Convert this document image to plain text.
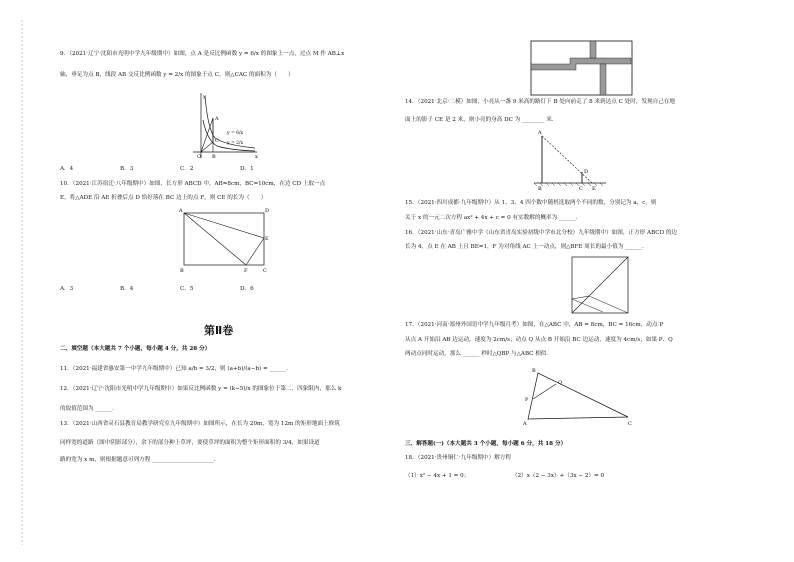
9．（2021·辽宁·沈阳市光明中学九年级期中）如图，点 A 是反比例函数 y = 6/x 的图象上一点，过点 M 作 AB⊥x
轴，垂足为点 B，线段 AB 交反比例函数 y = 2/x 的图象于点 C，则△CAC 的面积为（　　）
O B
C
A
y
x
y = 6/x
y = 2/x
A．4	B．3	C．2	D．1
10．（2021·江苏宿迁·八年级期中）如图，长方形 ABCD 中，AB=8cm，BC=10cm，在边 CD 上取一点
E，将△ADE 沿 AE 折叠后点 D 恰好落在 BC 边上的点 F，则 CE 的长为（　　）
A	D
E
B	F	C
A．3	B．4	C．5	D．6
第Ⅱ卷
二、填空题（本大题共 7 个小题，每小题 4 分，共 28 分）
11．（2021·福建省惠安第一中学九年级期中）已知 a/b = 3/2，则 (a+b)/(a−b) = ______．
12．（2021·辽宁·沈阳市光明中学九年级期中）如果反比例函数 y = (k−5)/x 的图象位于第二、四象限内，那么 k
的取值范围为 ______．
13．（2021·山西省灵石县教育局教学研究室九年级期中）如图所示，在长为 20m，宽为 12m 的矩形地面上修筑
同样宽的道路（图中阴影部分），余下的部分种上草坪，要使草坪的面积为整个矩形面积的 3/4，如果设道
路的宽为 x m，则根据题意可列方程 ______________________．
14．（2021·北京·二模）如图，小亮从一盏 9 米高的路灯下 B 处向前走了 8 米到达点 C 处时，发现自己在地
面上的影子 CE 是 2 米，则小亮的身高 DC 为 ________ 米．
A
B	C
D
E
15．（2021·四川成都·九年级期中）从 1、3、4 四个数中随机选取两个不同的数，分别记为 a，c，则
关于 x 的一元二次方程 ax² + 4x + c = 0 有实数解的概率为 ______．
16．（2021·山东·青岛广雅中学（山东省青岛实验初级中学市北分校）九年级期中）如图，正方形 ABCD 的边
长为 4，点 E 在 AB 上且 BE=1，F 为对角线 AC 上一动点，则△BFE 周长的最小值为 ______．
17．（2021·河南·郑州外国语中学九年级月考）如图，在△ABC 中，AB = 8cm，BC = 16cm，动点 P
从点 A 开始沿 AB 边运动，速度为 2cm/s；动点 Q 从点 B 开始沿 BC 边运动，速度为 4cm/s；如果 P、Q
两动点同时运动，那么 ______ 秒时△QBP 与△ABC 相似．
B
Q
P
A	C
三、解答题(一)（本大题共 3 个小题，每小题 6 分，共 18 分）
18．（2021·贵州铜仁·九年级期中）解方程
（1）x² − 4x + 1 = 0；	（2）x（2 − 3x）+（3x − 2）= 0
